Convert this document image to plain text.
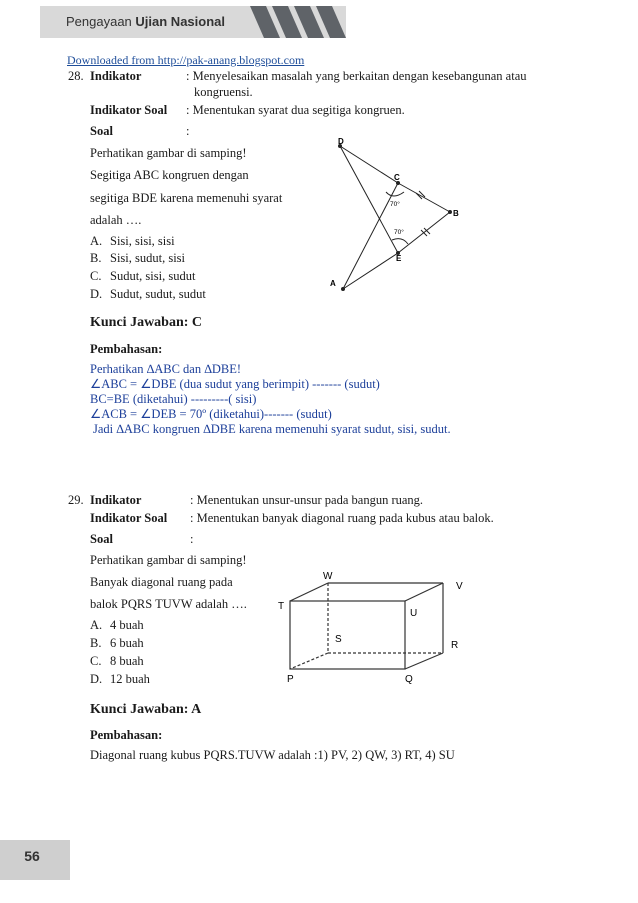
Pengayaan Ujian Nasional
Downloaded from http://pak-anang.blogspot.com
28. Indikator	: Menyelesaikan masalah yang berkaitan dengan kesebangunan atau
kongruensi.
Indikator Soal : Menentukan syarat dua segitiga kongruen.
Soal	:
Perhatikan gambar di samping!
Segitiga ABC kongruen dengan
segitiga BDE karena memenuhi syarat
adalah ….
A. Sisi, sisi, sisi
B. Sisi, sudut, sisi
C. Sudut, sisi, sudut
D. Sudut, sudut, sudut
D
C
B
E
A
70°
70°
Kunci Jawaban: C
Pembahasan:
Perhatikan ∆ABC dan ∆DBE!
∠ABC = ∠DBE (dua sudut yang berimpit) ------- (sudut)
BC=BE (diketahui) ---------( sisi)
∠ACB = ∠DEB = 70º (diketahui)------- (sudut)
Jadi ∆ABC kongruen ∆DBE karena memenuhi syarat sudut, sisi, sudut.
29. Indikator	: Menentukan unsur-unsur pada bangun ruang.
Indikator Soal : Menentukan banyak diagonal ruang pada kubus atau balok.
Soal	:
Perhatikan gambar di samping!
Banyak diagonal ruang pada
balok PQRS TUVW adalah ….
A. 4 buah
B. 6 buah
C. 8 buah
D. 12 buah
W
V
T
U
S
R
P	Q
Kunci Jawaban: A
Pembahasan:
Diagonal ruang kubus PQRS.TUVW adalah :1) PV, 2) QW, 3) RT, 4) SU
56
